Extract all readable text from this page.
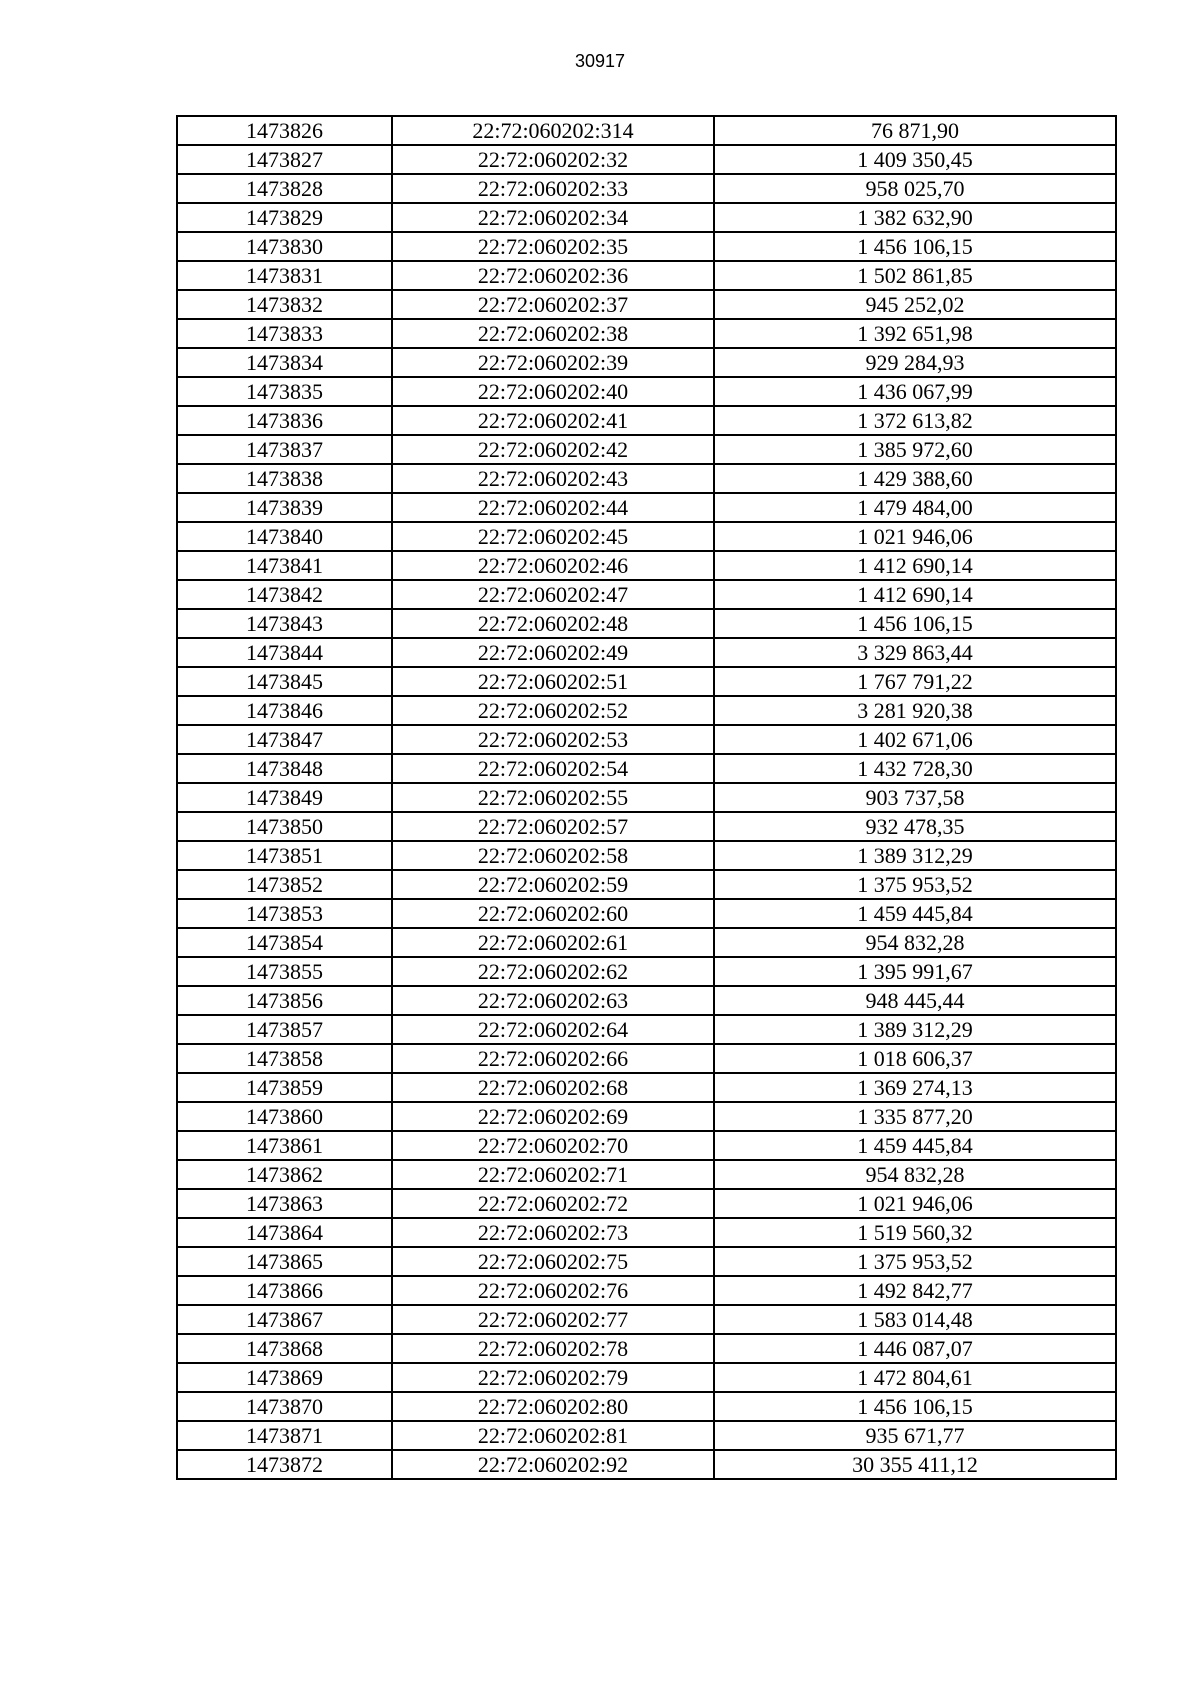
30917
1473826	22:72:060202:314	76 871,90
1473827	22:72:060202:32	1 409 350,45
1473828	22:72:060202:33	958 025,70
1473829	22:72:060202:34	1 382 632,90
1473830	22:72:060202:35	1 456 106,15
1473831	22:72:060202:36	1 502 861,85
1473832	22:72:060202:37	945 252,02
1473833	22:72:060202:38	1 392 651,98
1473834	22:72:060202:39	929 284,93
1473835	22:72:060202:40	1 436 067,99
1473836	22:72:060202:41	1 372 613,82
1473837	22:72:060202:42	1 385 972,60
1473838	22:72:060202:43	1 429 388,60
1473839	22:72:060202:44	1 479 484,00
1473840	22:72:060202:45	1 021 946,06
1473841	22:72:060202:46	1 412 690,14
1473842	22:72:060202:47	1 412 690,14
1473843	22:72:060202:48	1 456 106,15
1473844	22:72:060202:49	3 329 863,44
1473845	22:72:060202:51	1 767 791,22
1473846	22:72:060202:52	3 281 920,38
1473847	22:72:060202:53	1 402 671,06
1473848	22:72:060202:54	1 432 728,30
1473849	22:72:060202:55	903 737,58
1473850	22:72:060202:57	932 478,35
1473851	22:72:060202:58	1 389 312,29
1473852	22:72:060202:59	1 375 953,52
1473853	22:72:060202:60	1 459 445,84
1473854	22:72:060202:61	954 832,28
1473855	22:72:060202:62	1 395 991,67
1473856	22:72:060202:63	948 445,44
1473857	22:72:060202:64	1 389 312,29
1473858	22:72:060202:66	1 018 606,37
1473859	22:72:060202:68	1 369 274,13
1473860	22:72:060202:69	1 335 877,20
1473861	22:72:060202:70	1 459 445,84
1473862	22:72:060202:71	954 832,28
1473863	22:72:060202:72	1 021 946,06
1473864	22:72:060202:73	1 519 560,32
1473865	22:72:060202:75	1 375 953,52
1473866	22:72:060202:76	1 492 842,77
1473867	22:72:060202:77	1 583 014,48
1473868	22:72:060202:78	1 446 087,07
1473869	22:72:060202:79	1 472 804,61
1473870	22:72:060202:80	1 456 106,15
1473871	22:72:060202:81	935 671,77
1473872	22:72:060202:92	30 355 411,12
